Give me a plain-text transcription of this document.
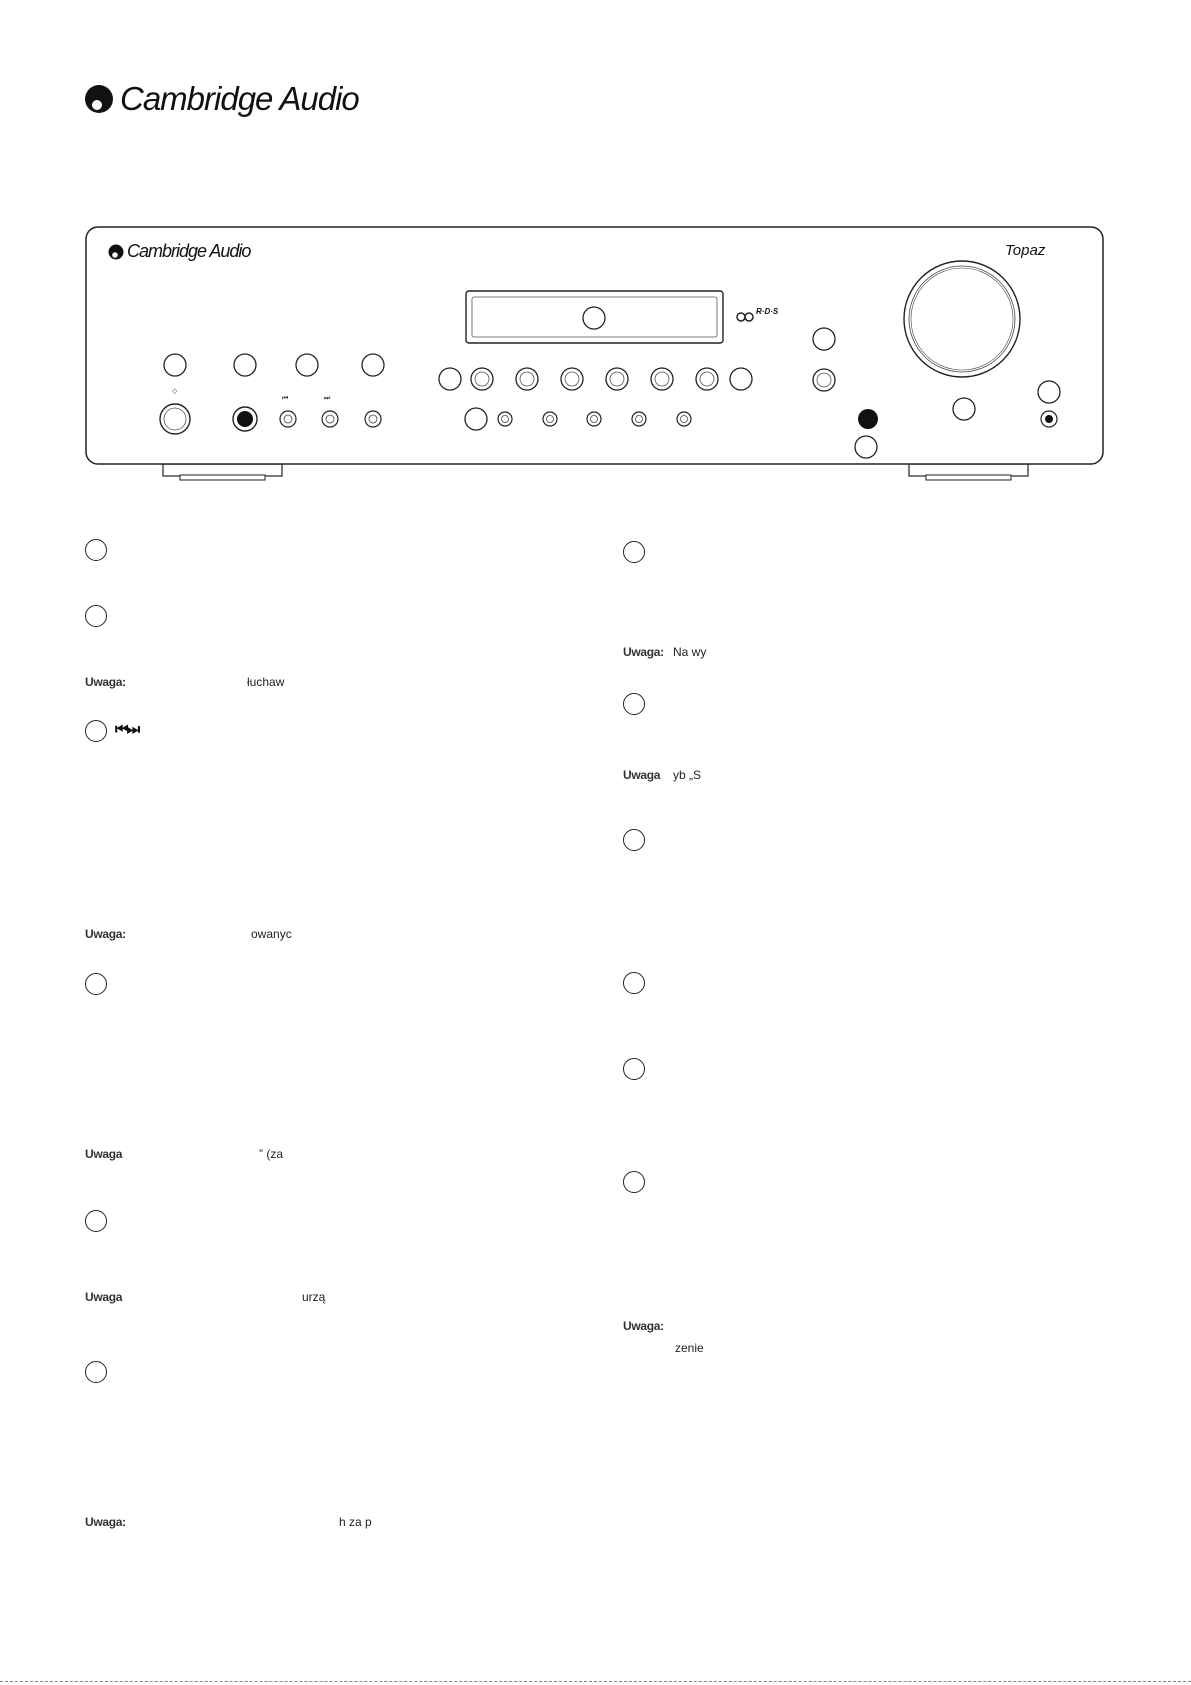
Cambridge Audio
◇
⏮	⏭
Cambridge Audio	Topaz
R·D·S
Uwaga:	łuchaw
⏮ ⏭
Uwaga:	owanyc
Uwaga	” (za
Uwaga	urzą
Uwaga:	h za p
Uwaga: Na wy
Uwaga yb „S
Uwaga:
zenie
